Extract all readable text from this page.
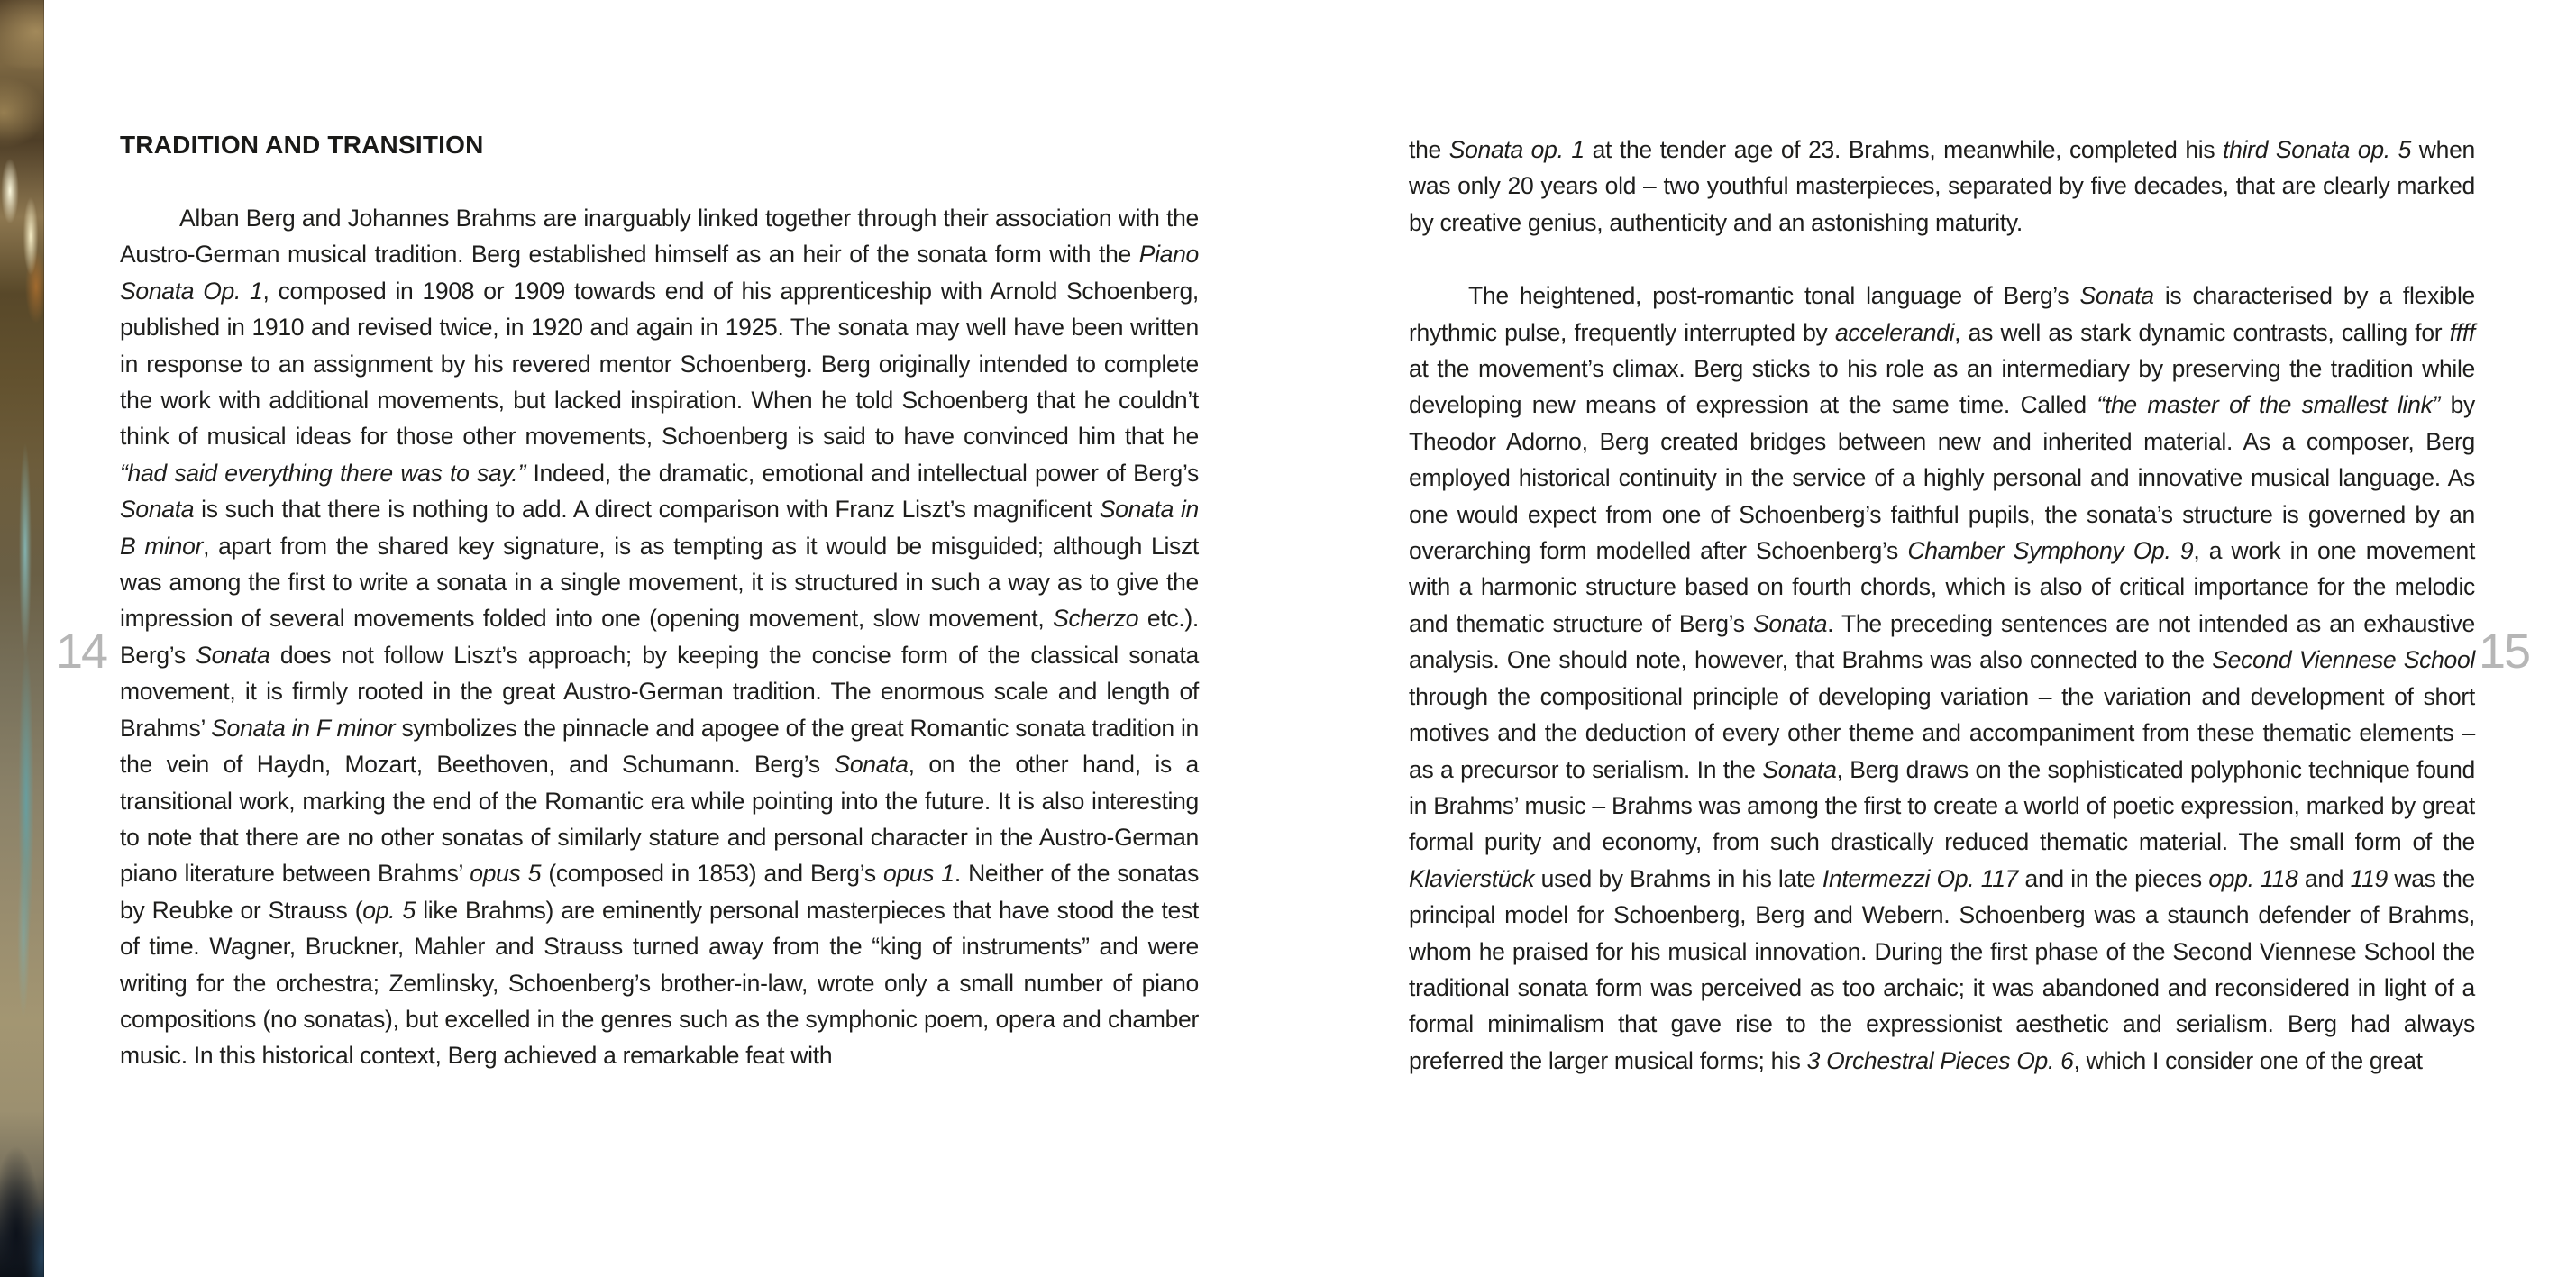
14	15
TRADITION AND TRANSITION

Alban Berg and Johannes Brahms are inarguably linked together through their association with the Austro-German musical tradition. Berg established himself as an heir of the sonata form with the Piano Sonata Op. 1, composed in 1908 or 1909 towards end of his apprenticeship with Arnold Schoenberg, published in 1910 and revised twice, in 1920 and again in 1925. The sonata may well have been written in response to an assignment by his revered mentor Schoenberg. Berg originally intended to complete the work with additional movements, but lacked inspiration. When he told Schoenberg that he couldn’t think of musical ideas for those other movements, Schoenberg is said to have convinced him that he “had said everything there was to say.” Indeed, the dramatic, emotional and intellectual power of Berg’s Sonata is such that there is nothing to add. A direct comparison with Franz Liszt’s magnificent Sonata in B minor, apart from the shared key signature, is as tempting as it would be misguided; although Liszt was among the first to write a sonata in a single movement, it is structured in such a way as to give the impression of several movements folded into one (opening movement, slow movement, Scherzo etc.). Berg’s Sonata does not follow Liszt’s approach; by keeping the concise form of the classical sonata movement, it is firmly rooted in the great Austro-German tradition. The enormous scale and length of Brahms’ Sonata in F minor symbolizes the pinnacle and apogee of the great Romantic sonata tradition in the vein of Haydn, Mozart, Beethoven, and Schumann. Berg’s Sonata, on the other hand, is a transitional work, marking the end of the Romantic era while pointing into the future. It is also interesting to note that there are no other sonatas of similarly stature and personal character in the Austro-German piano literature between Brahms’ opus 5 (composed in 1853) and Berg’s opus 1. Neither of the sonatas by Reubke or Strauss (op. 5 like Brahms) are eminently personal masterpieces that have stood the test of time. Wagner, Bruckner, Mahler and Strauss turned away from the “king of instruments” and were writing for the orchestra; Zemlinsky, Schoenberg’s brother-in-law, wrote only a small number of piano compositions (no sonatas), but excelled in the genres such as the symphonic poem, opera and chamber music. In this historical context, Berg achieved a remarkable feat with

the Sonata op. 1 at the tender age of 23. Brahms, meanwhile, completed his third Sonata op. 5 when was only 20 years old – two youthful masterpieces, separated by five decades, that are clearly marked by creative genius, authenticity and an astonishing maturity.

The heightened, post-romantic tonal language of Berg’s Sonata is characterised by a flexible rhythmic pulse, frequently interrupted by accelerandi, as well as stark dynamic contrasts, calling for ffff at the movement’s climax. Berg sticks to his role as an intermediary by preserving the tradition while developing new means of expression at the same time. Called “the master of the smallest link” by Theodor Adorno, Berg created bridges between new and inherited material. As a composer, Berg employed historical continuity in the service of a highly personal and innovative musical language. As one would expect from one of Schoenberg’s faithful pupils, the sonata’s structure is governed by an overarching form modelled after Schoenberg’s Chamber Symphony Op. 9, a work in one movement with a harmonic structure based on fourth chords, which is also of critical importance for the melodic and thematic structure of Berg’s Sonata. The preceding sentences are not intended as an exhaustive analysis. One should note, however, that Brahms was also connected to the Second Viennese School through the compositional principle of developing variation – the variation and development of short motives and the deduction of every other theme and accompaniment from these thematic elements – as a precursor to serialism. In the Sonata, Berg draws on the sophisticated polyphonic technique found in Brahms’ music – Brahms was among the first to create a world of poetic expression, marked by great formal purity and economy, from such drastically reduced thematic material. The small form of the Klavierstück used by Brahms in his late Intermezzi Op. 117 and in the pieces opp. 118 and 119 was the principal model for Schoenberg, Berg and Webern. Schoenberg was a staunch defender of Brahms, whom he praised for his musical innovation. During the first phase of the Second Viennese School the traditional sonata form was perceived as too archaic; it was abandoned and reconsidered in light of a formal minimalism that gave rise to the expressionist aesthetic and serialism. Berg had always preferred the larger musical forms; his 3 Orchestral Pieces Op. 6, which I consider one of the great
